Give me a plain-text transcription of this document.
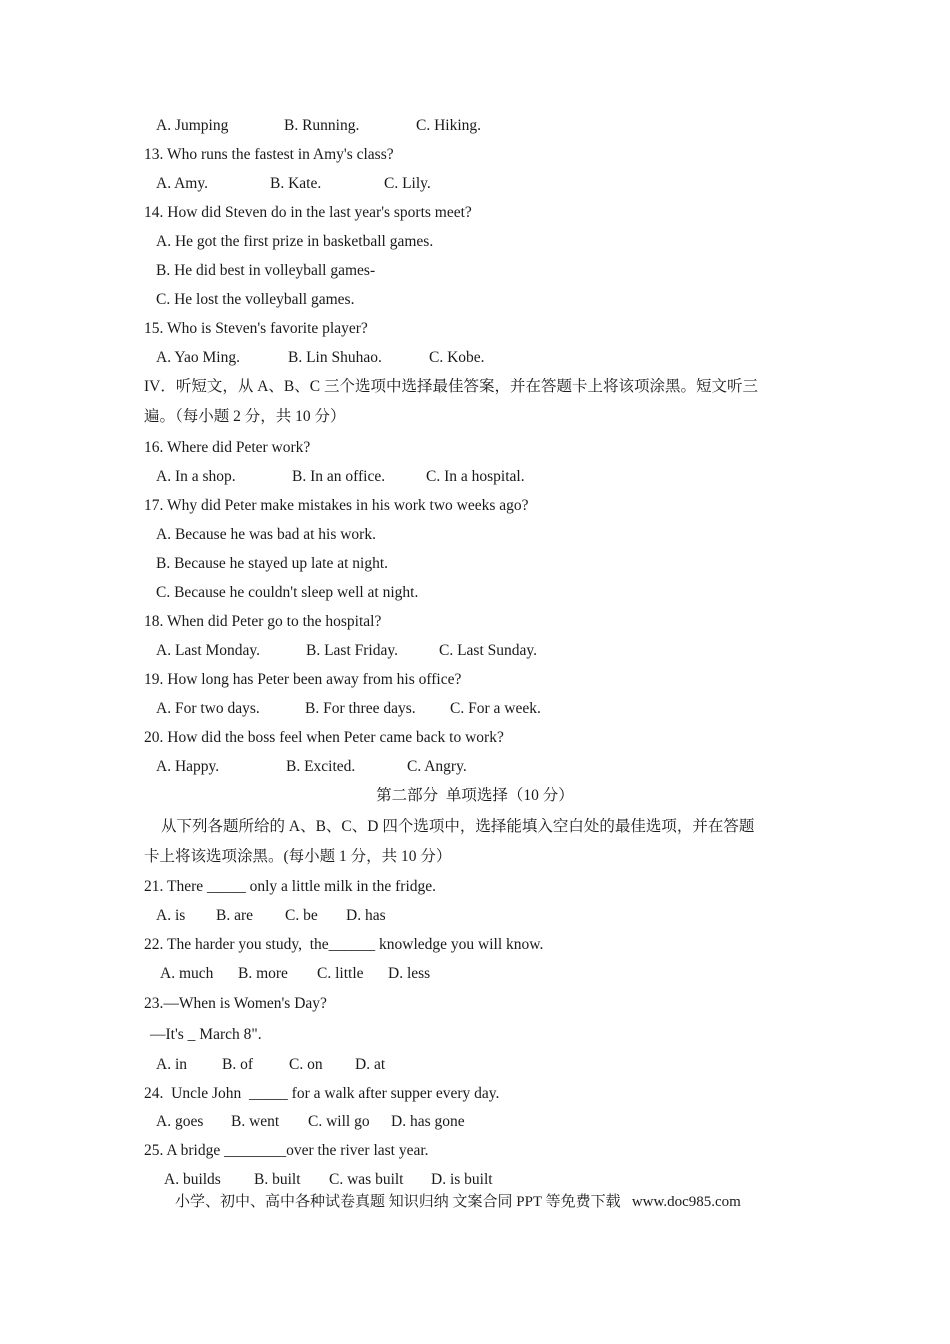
A. Jumping

	B. Running.

	C. Hiking.

13. Who runs the fastest in Amy's class?

A. Amy.

	B. Kate.

	C. Lily.

14. How did Steven do in the last year's sports meet?
A. He got the first prize in basketball games.
B. He did best in volleyball games-
C. He lost the volleyball games.
15. Who is Steven's favorite player?

A. Yao Ming.

	B. Lin Shuhao.

	C. Kobe.

IV．听短文，从 A、B、C 三个选项中选择最佳答案，并在答题卡上将该项涂黑。短文听三
遍。（每小题 2 分，共 10 分）
16. Where did Peter work?

A. In a shop.

	B. In an office.

	C. In a hospital.

17. Why did Peter make mistakes in his work two weeks ago?
A. Because he was bad at his work.
B. Because he stayed up late at night.
C. Because he couldn't sleep well at night.
18. When did Peter go to the hospital?

A. Last Monday.

	B. Last Friday.

	C. Last Sunday.

19. How long has Peter been away from his office?

A. For two days.

	B. For three days.

C. For a week.

20. How did the boss feel when Peter came back to work?

A. Happy.

	B. Excited.

	C. Angry.

第二部分  单项选择（10 分）
从下列各题所给的 A、B、C、D 四个选项中，选择能填入空白处的最佳选项，并在答题
卡上将该选项涂黑。(每小题 1 分，共 10 分）
21. There _____ only a little milk in the fridge.

A. is

B. are

C. be

D. has

22. The harder you study,  the______ knowledge you will know.

A. much

B. more

C. little

D. less

23.—When is Women's Day?
—It's _ March 8".

A. in

B. of

C. on

D. at

24.  Uncle John  _____ for a walk after supper every day.

A. goes

B. went

C. will go

D. has gone

25. A bridge ________over the river last year.

A. builds

B. built

C. was built

D. is built

小学、初中、高中各种试卷真题 知识归纳 文案合同 PPT 等免费下载   www.doc985.com
